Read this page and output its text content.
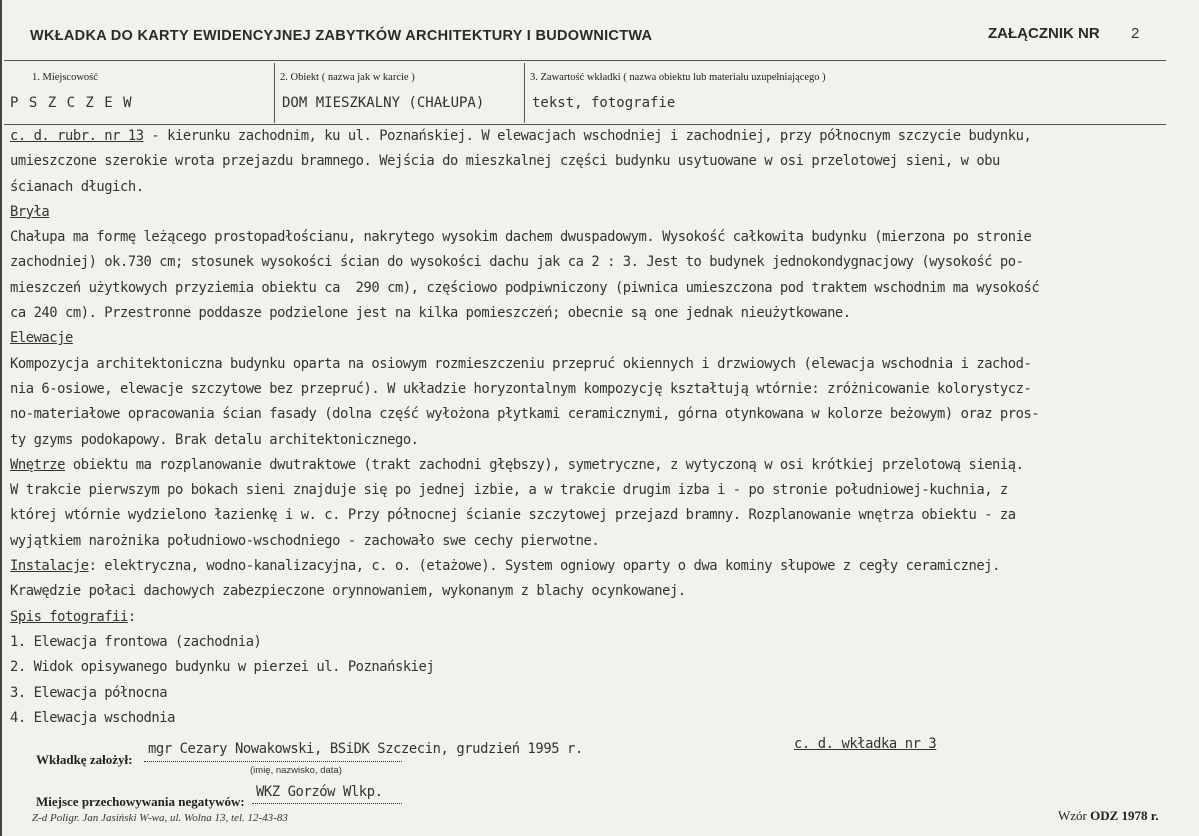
WKŁADKA DO KARTY EWIDENCYJNEJ ZABYTKÓW ARCHITEKTURY I BUDOWNICTWA	ZAŁĄCZNIK NR 2
1. Miejscowość
P S Z C Z E W
2. Obiekt ( nazwa jak w karcie )
DOM MIESZKALNY (CHAŁUPA)
3. Zawartość wkładki ( nazwa obiektu lub materiału uzupełniającego )
tekst, fotografie
c. d. rubr. nr 13 - kierunku zachodnim, ku ul. Poznańskiej. W elewacjach wschodniej i zachodniej, przy północnym szczycie budynku,
umieszczone szerokie wrota przejazdu bramnego. Wejścia do mieszkalnej części budynku usytuowane w osi przelotowej sieni, w obu
ścianach długich.
Bryła
Chałupa ma formę leżącego prostopadłościanu, nakrytego wysokim dachem dwuspadowym. Wysokość całkowita budynku (mierzona po stronie
zachodniej) ok.730 cm; stosunek wysokości ścian do wysokości dachu jak ca 2 : 3. Jest to budynek jednokondygnacjowy (wysokość po-
mieszczeń użytkowych przyziemia obiektu ca  290 cm), częściowo podpiwniczony (piwnica umieszczona pod traktem wschodnim ma wysokość
ca 240 cm). Przestronne poddasze podzielone jest na kilka pomieszczeń; obecnie są one jednak nieużytkowane.
Elewacje
Kompozycja architektoniczna budynku oparta na osiowym rozmieszczeniu przepruć okiennych i drzwiowych (elewacja wschodnia i zachod-
nia 6-osiowe, elewacje szczytowe bez przepruć). W układzie horyzontalnym kompozycję kształtują wtórnie: zróżnicowanie kolorystycz-
no-materiałowe opracowania ścian fasady (dolna część wyłożona płytkami ceramicznymi, górna otynkowana w kolorze beżowym) oraz pros-
ty gzyms podokapowy. Brak detalu architektonicznego.
Wnętrze obiektu ma rozplanowanie dwutraktowe (trakt zachodni głębszy), symetryczne, z wytyczoną w osi krótkiej przelotową sienią.
W trakcie pierwszym po bokach sieni znajduje się po jednej izbie, a w trakcie drugim izba i - po stronie południowej-kuchnia, z
której wtórnie wydzielono łazienkę i w. c. Przy północnej ścianie szczytowej przejazd bramny. Rozplanowanie wnętrza obiektu - za
wyjątkiem narożnika południowo-wschodniego - zachowało swe cechy pierwotne.
Instalacje: elektryczna, wodno-kanalizacyjna, c. o. (etażowe). System ogniowy oparty o dwa kominy słupowe z cegły ceramicznej.
Krawędzie połaci dachowych zabezpieczone orynnowaniem, wykonanym z blachy ocynkowanej.
Spis fotografii:
1. Elewacja frontowa (zachodnia)
2. Widok opisywanego budynku w pierzei ul. Poznańskiej
3. Elewacja północna
4. Elewacja wschodnia
Wkładkę założył:
mgr Cezary Nowakowski, BSiDK Szczecin, grudzień 1995 r.
(imię, nazwisko, data)
c. d. wkładka nr 3
Miejsce przechowywania negatywów:
WKZ Gorzów Wlkp.
Z-d Poligr. Jan Jasiński W-wa, ul. Wolna 13, tel. 12-43-83	Wzór ODZ 1978 r.
